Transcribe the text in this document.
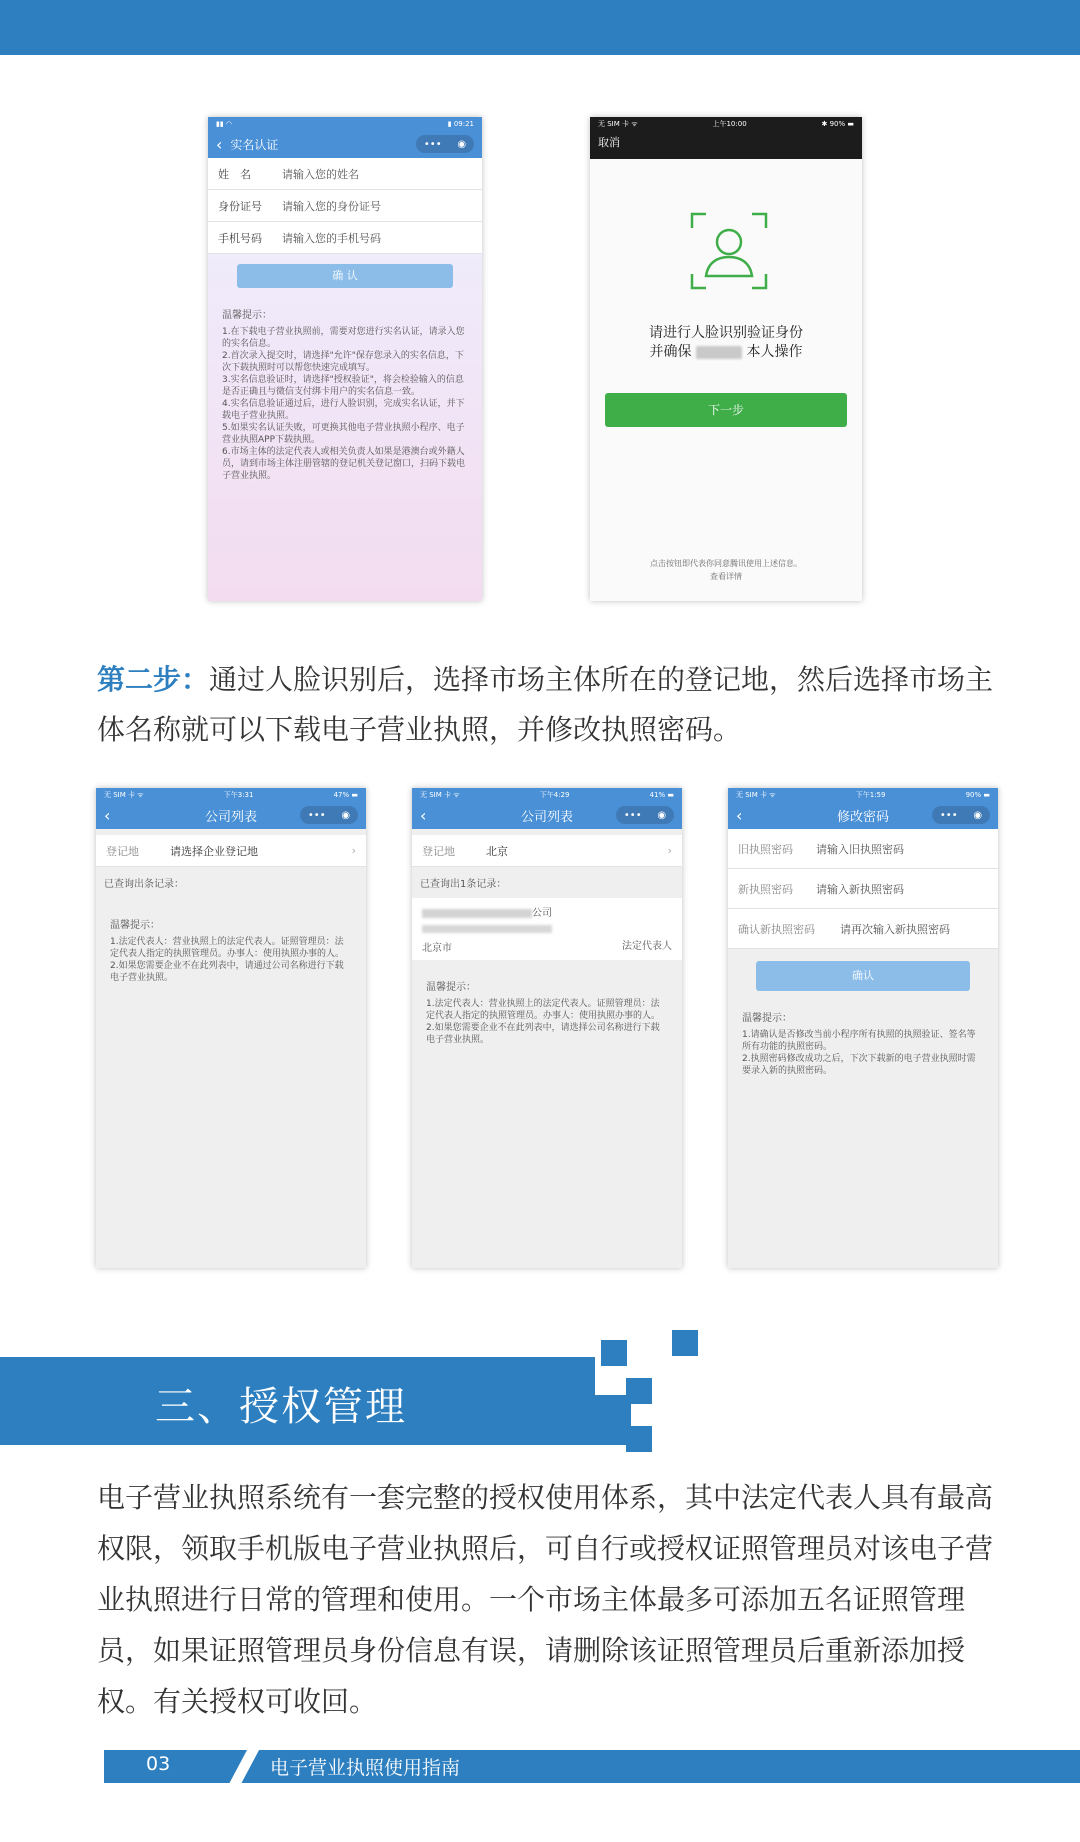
▮▮ ◠	▮ 09:21
‹ 实名认证	••• ◉
姓　名	请输入您的姓名
身份证号	请输入您的身份证号
手机号码	请输入您的手机号码
确 认
温馨提示：
1.在下载电子营业执照前，需要对您进行实名认证，请录入您的实名信息。
2.首次录入提交时，请选择"允许"保存您录入的实名信息，下次下载执照时可以帮您快速完成填写。
3.实名信息验证时，请选择"授权验证"，将会检验输入的信息是否正确且与微信支付绑卡用户的实名信息一致。
4.实名信息验证通过后，进行人脸识别，完成实名认证，并下载电子营业执照。
5.如果实名认证失败，可更换其他电子营业执照小程序、电子营业执照APP下载执照。
6.市场主体的法定代表人或相关负责人如果是港澳台或外籍人员，请到市场主体注册管辖的登记机关登记窗口，扫码下载电子营业执照。
无 SIM 卡 ᯤ	上午10:00	✱ 90% ▬
取消
请进行人脸识别验证身份
并确保	本人操作
下一步
点击按钮即代表你同意腾讯使用上述信息。
查看详情
第二步：通过人脸识别后，选择市场主体所在的登记地，然后选择市场主体名称就可以下载电子营业执照，并修改执照密码。
无 SIM 卡 ᯤ	下午3:31	47% ▬
‹	公司列表	••• ◉
登记地	请选择企业登记地	›
已查询出条记录：
温馨提示：
1.法定代表人：营业执照上的法定代表人。证照管理员：法定代表人指定的执照管理员。办事人：使用执照办事的人。
2.如果您需要企业不在此列表中，请通过公司名称进行下载电子营业执照。
无 SIM 卡 ᯤ	下午4:29	41% ▬
‹	公司列表	••• ◉
登记地	北京	›
已查询出1条记录：
公司
北京市	法定代表人
温馨提示：
1.法定代表人：营业执照上的法定代表人。证照管理员：法定代表人指定的执照管理员。办事人：使用执照办事的人。
2.如果您需要企业不在此列表中，请选择公司名称进行下载电子营业执照。
无 SIM 卡 ᯤ	下午1:59	90% ▬
‹	修改密码	••• ◉
旧执照密码	请输入旧执照密码
新执照密码	请输入新执照密码
确认新执照密码	请再次输入新执照密码
确认
温馨提示：
1.请确认是否修改当前小程序所有执照的执照验证、签名等所有功能的执照密码。
2.执照密码修改成功之后，下次下载新的电子营业执照时需要录入新的执照密码。
三、授权管理
电子营业执照系统有一套完整的授权使用体系，其中法定代表人具有最高权限，领取手机版电子营业执照后，可自行或授权证照管理员对该电子营业执照进行日常的管理和使用。一个市场主体最多可添加五名证照管理员，如果证照管理员身份信息有误，请删除该证照管理员后重新添加授权。有关授权可收回。
03	电子营业执照使用指南
